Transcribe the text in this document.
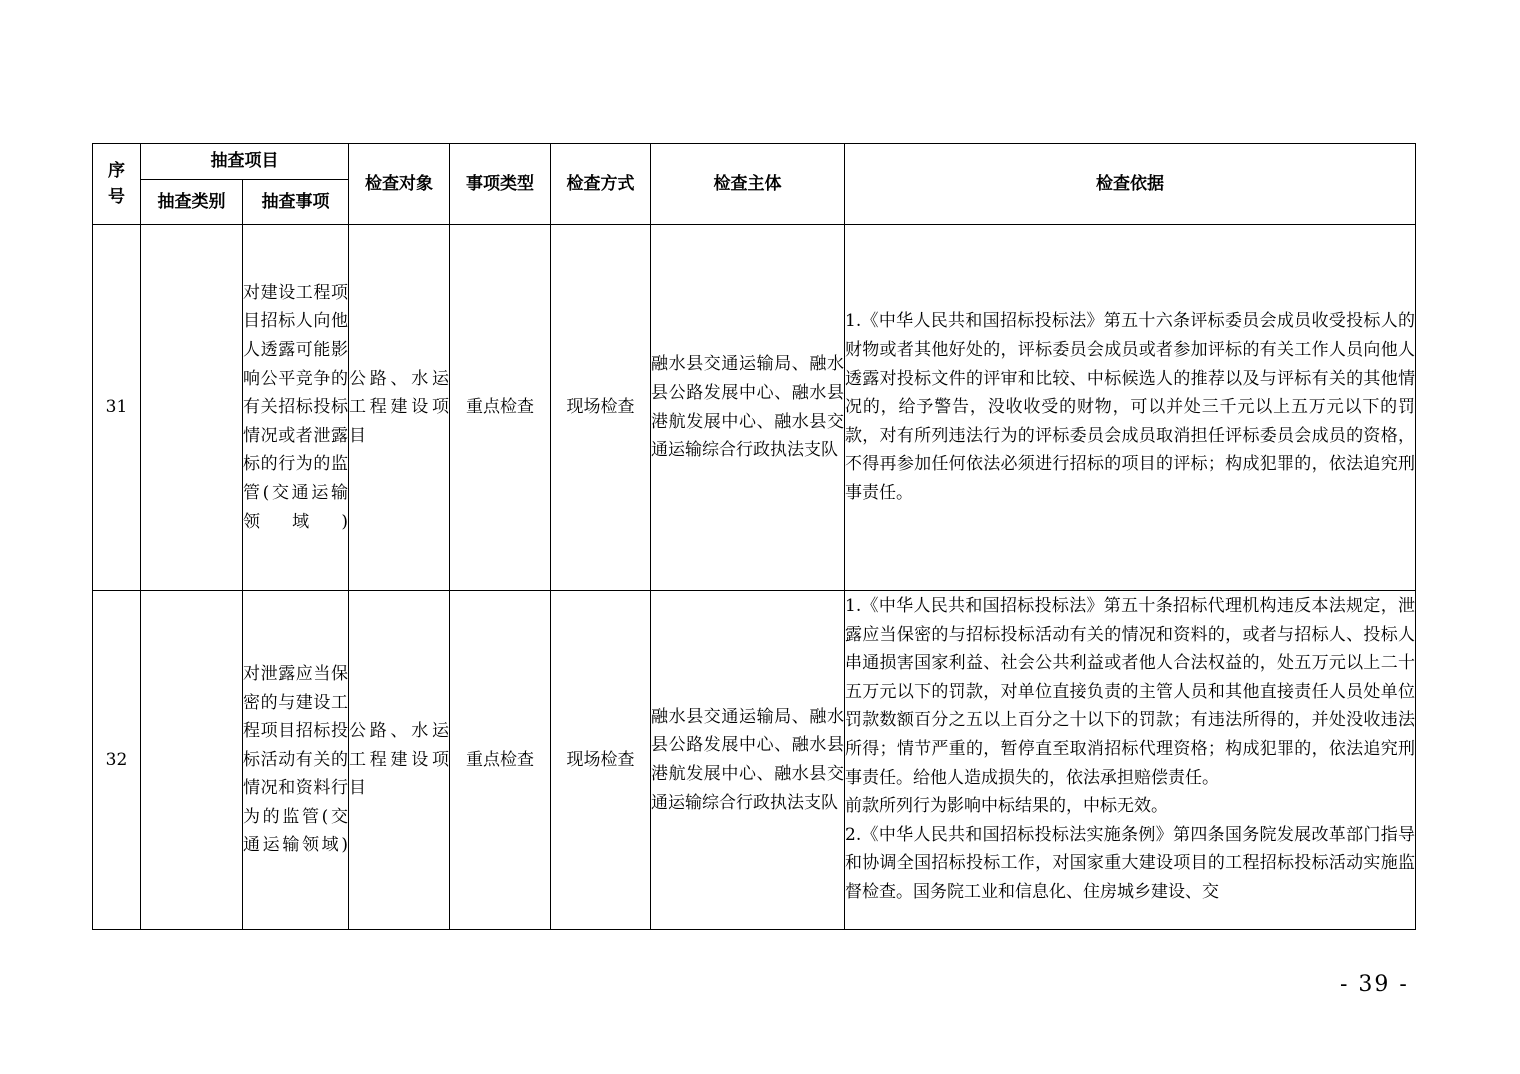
序号	抽查项目		检查对象	事项类型	检查方式	检查主体	检查依据
	抽查类别	抽查事项					
31		对建设工程项目招标人向他人透露可能影响公平竞争的有关招标投标情况或者泄露标的行为的监管(交通运输领域)	公路、水运工程建设项目	重点检查	现场检查	融水县交通运输局、融水县公路发展中心、融水县港航发展中心、融水县交通运输综合行政执法支队	1.《中华人民共和国招标投标法》第五十六条评标委员会成员收受投标人的财物或者其他好处的，评标委员会成员或者参加评标的有关工作人员向他人透露对投标文件的评审和比较、中标候选人的推荐以及与评标有关的其他情况的，给予警告，没收收受的财物，可以并处三千元以上五万元以下的罚款，对有所列违法行为的评标委员会成员取消担任评标委员会成员的资格，不得再参加任何依法必须进行招标的项目的评标；构成犯罪的，依法追究刑事责任。
32		对泄露应当保密的与建设工程项目招标投标活动有关的情况和资料行为的监管(交通运输领域)	公路、水运工程建设项目	重点检查	现场检查	融水县交通运输局、融水县公路发展中心、融水县港航发展中心、融水县交通运输综合行政执法支队	1.《中华人民共和国招标投标法》第五十条招标代理机构违反本法规定，泄露应当保密的与招标投标活动有关的情况和资料的，或者与招标人、投标人串通损害国家利益、社会公共利益或者他人合法权益的，处五万元以上二十五万元以下的罚款，对单位直接负责的主管人员和其他直接责任人员处单位罚款数额百分之五以上百分之十以下的罚款；有违法所得的，并处没收违法所得；情节严重的，暂停直至取消招标代理资格；构成犯罪的，依法追究刑事责任。给他人造成损失的，依法承担赔偿责任。
前款所列行为影响中标结果的，中标无效。
2.《中华人民共和国招标投标法实施条例》第四条国务院发展改革部门指导和协调全国招标投标工作，对国家重大建设项目的工程招标投标活动实施监督检查。国务院工业和信息化、住房城乡建设、交
- 39 -
